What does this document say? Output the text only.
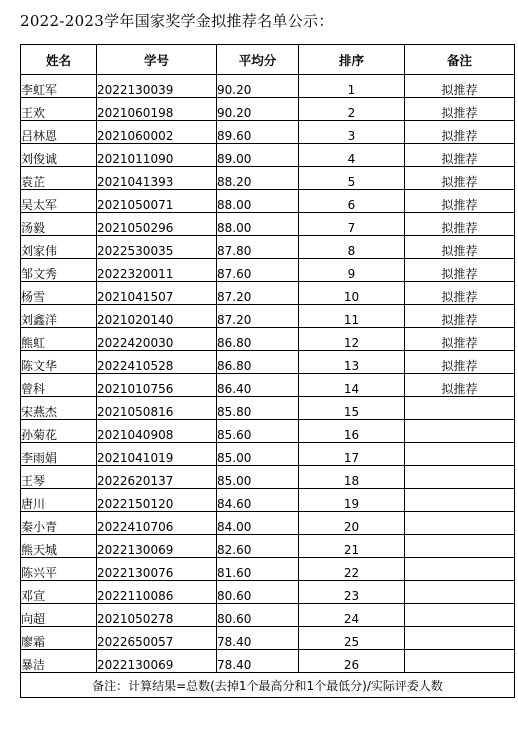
2022-2023学年国家奖学金拟推荐名单公示：
姓名	学号	平均分	排序	备注
李虹军	2022130039	90.20	1	拟推荐
王欢	2021060198	90.20	2	拟推荐
吕林恩	2021060002	89.60	3	拟推荐
刘俊诚	2021011090	89.00	4	拟推荐
袁芷	2021041393	88.20	5	拟推荐
吴太军	2021050071	88.00	6	拟推荐
汤毅	2021050296	88.00	7	拟推荐
刘家伟	2022530035	87.80	8	拟推荐
邹文秀	2022320011	87.60	9	拟推荐
杨雪	2021041507	87.20	10	拟推荐
刘鑫洋	2021020140	87.20	11	拟推荐
熊虹	2022420030	86.80	12	拟推荐
陈文华	2022410528	86.80	13	拟推荐
曾科	2021010756	86.40	14	拟推荐
宋燕杰	2021050816	85.80	15	
孙菊花	2021040908	85.60	16	
李雨娟	2021041019	85.00	17	
王琴	2022620137	85.00	18	
唐川	2022150120	84.60	19	
秦小青	2022410706	84.00	20	
熊天城	2022130069	82.60	21	
陈兴平	2022130076	81.60	22	
邓宣	2022110086	80.60	23	
向超	2021050278	80.60	24	
廖霜	2022650057	78.40	25	
暴洁	2022130069	78.40	26	
备注：计算结果=总数(去掉1个最高分和1个最低分)/实际评委人数				
